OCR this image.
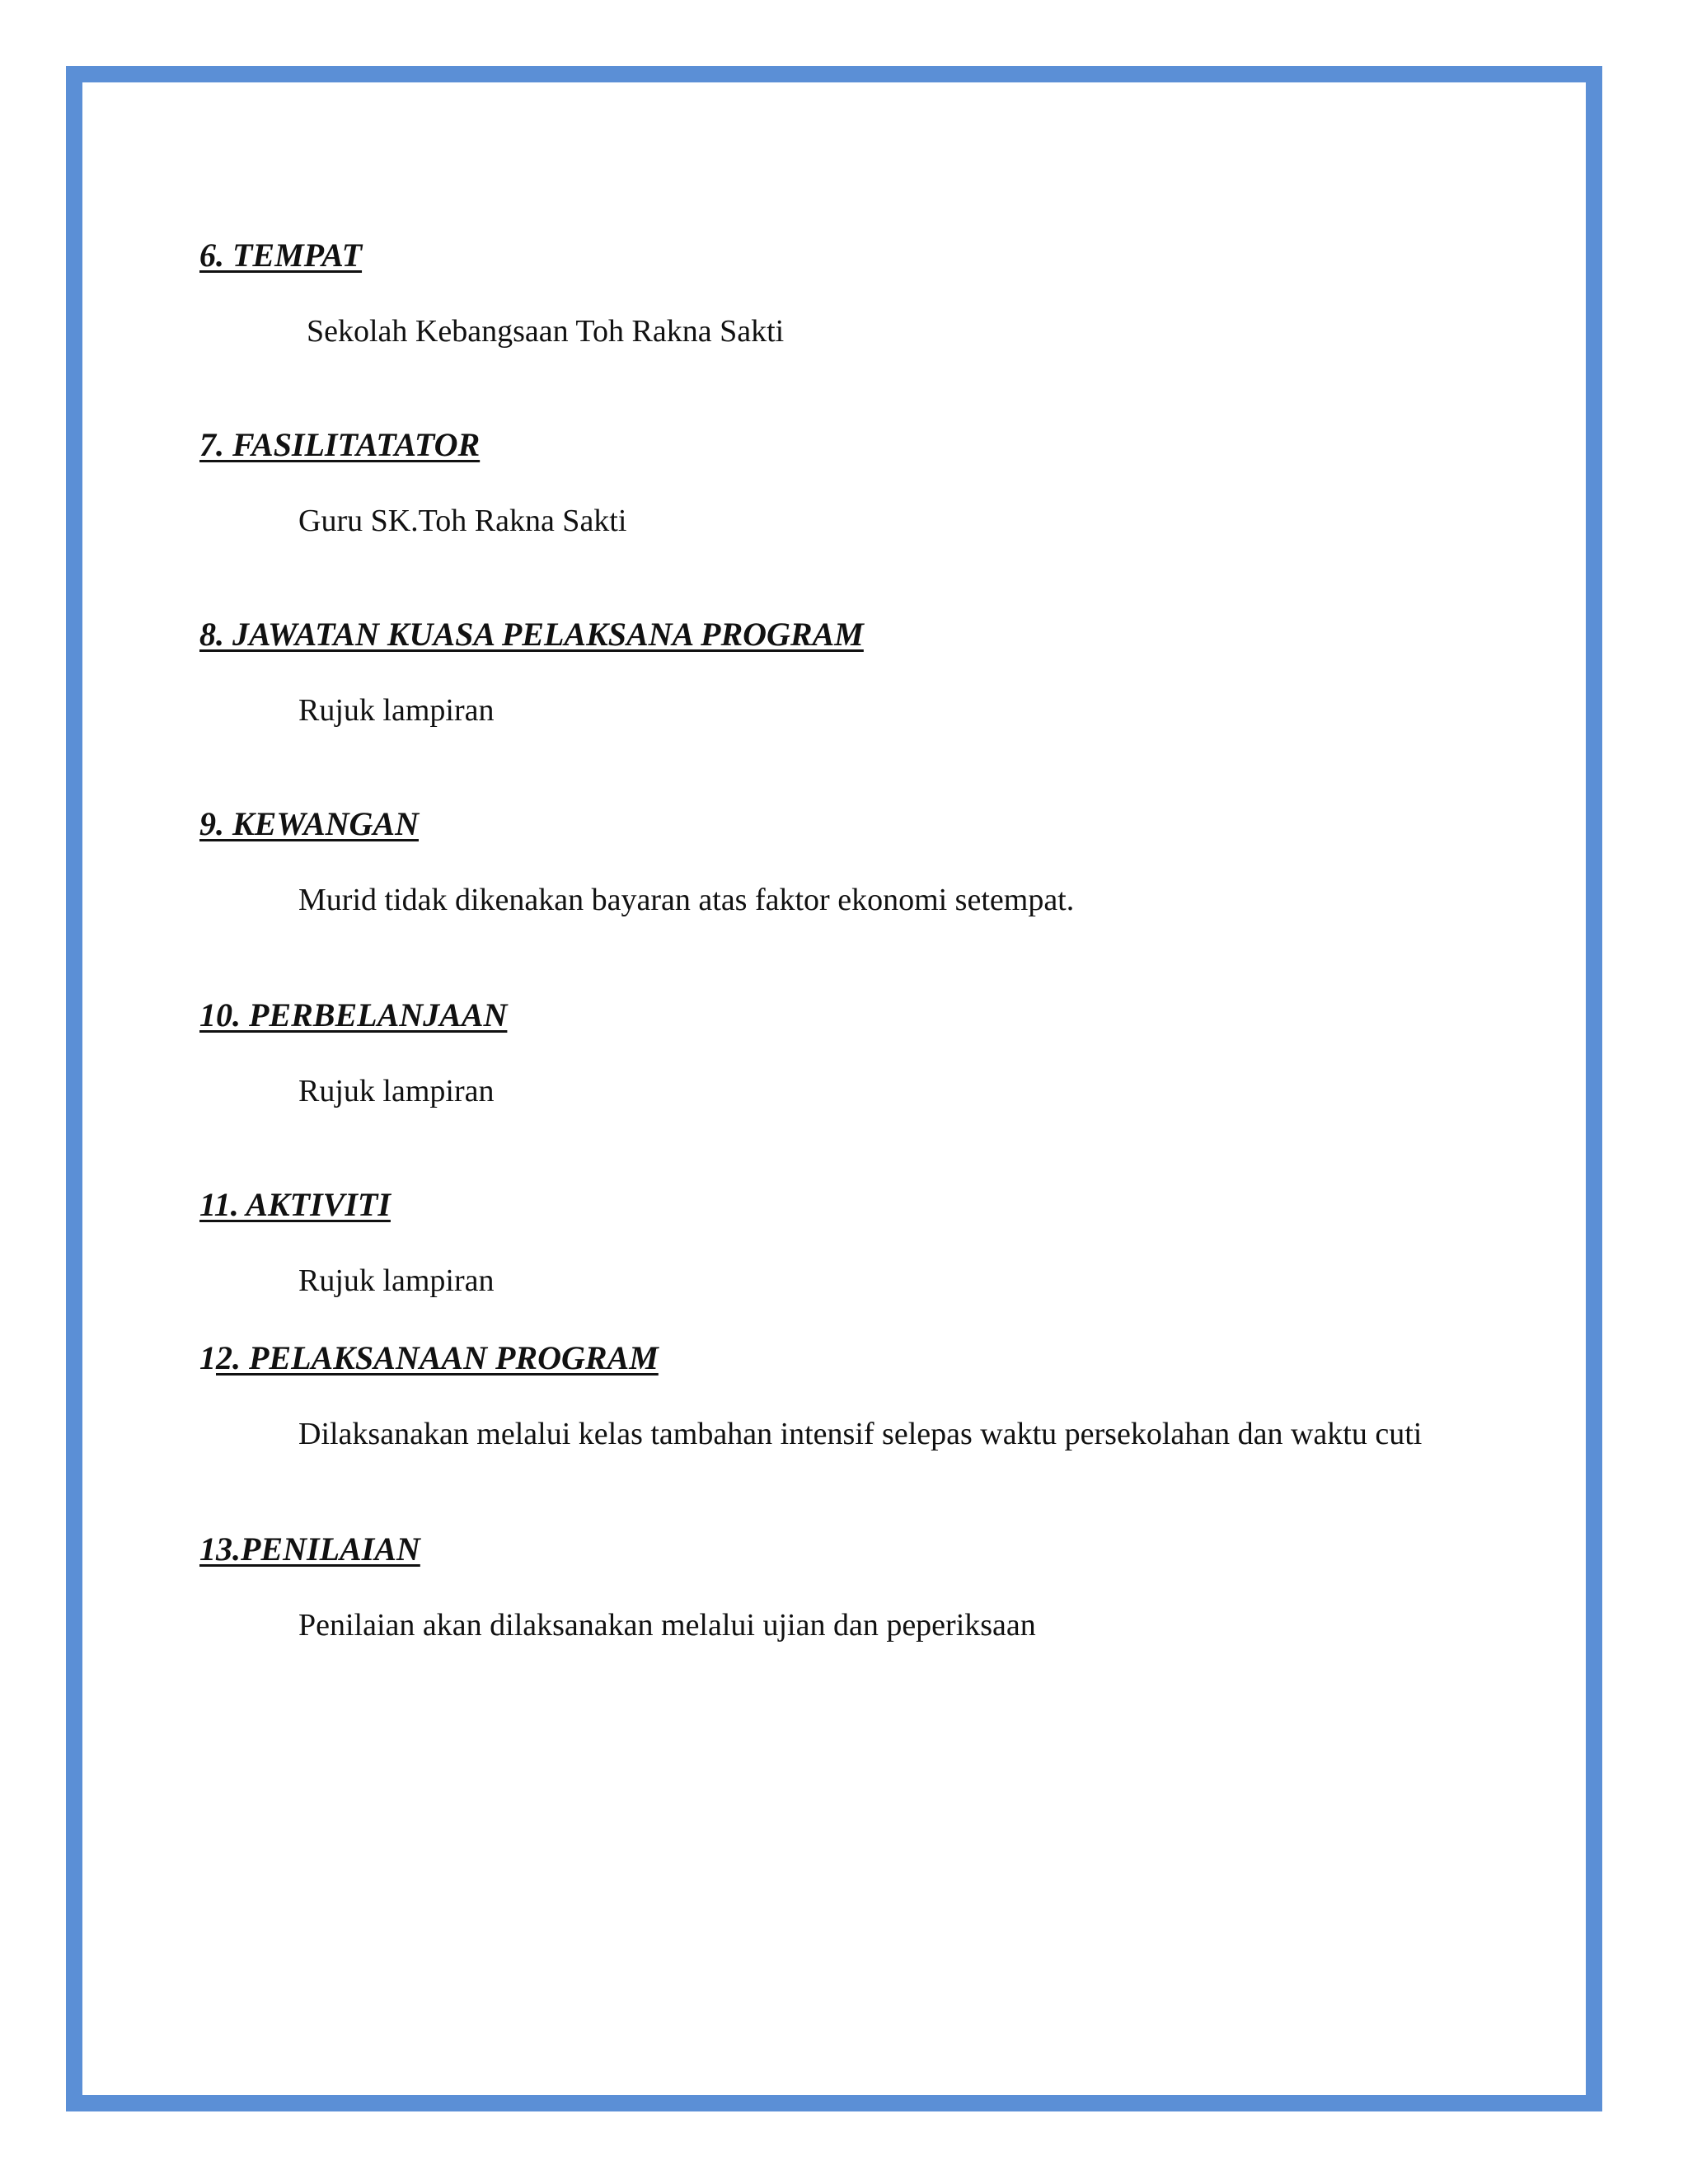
6. TEMPAT
Sekolah Kebangsaan Toh Rakna Sakti
7. FASILITATATOR
Guru SK.Toh Rakna Sakti
8. JAWATAN KUASA PELAKSANA PROGRAM
Rujuk lampiran
9. KEWANGAN
Murid tidak dikenakan bayaran atas faktor ekonomi setempat.
10. PERBELANJAAN
Rujuk lampiran
11. AKTIVITI
Rujuk lampiran
12. PELAKSANAAN PROGRAM
Dilaksanakan melalui kelas tambahan intensif selepas waktu persekolahan dan waktu cuti
13.PENILAIAN
Penilaian akan dilaksanakan melalui ujian dan peperiksaan
